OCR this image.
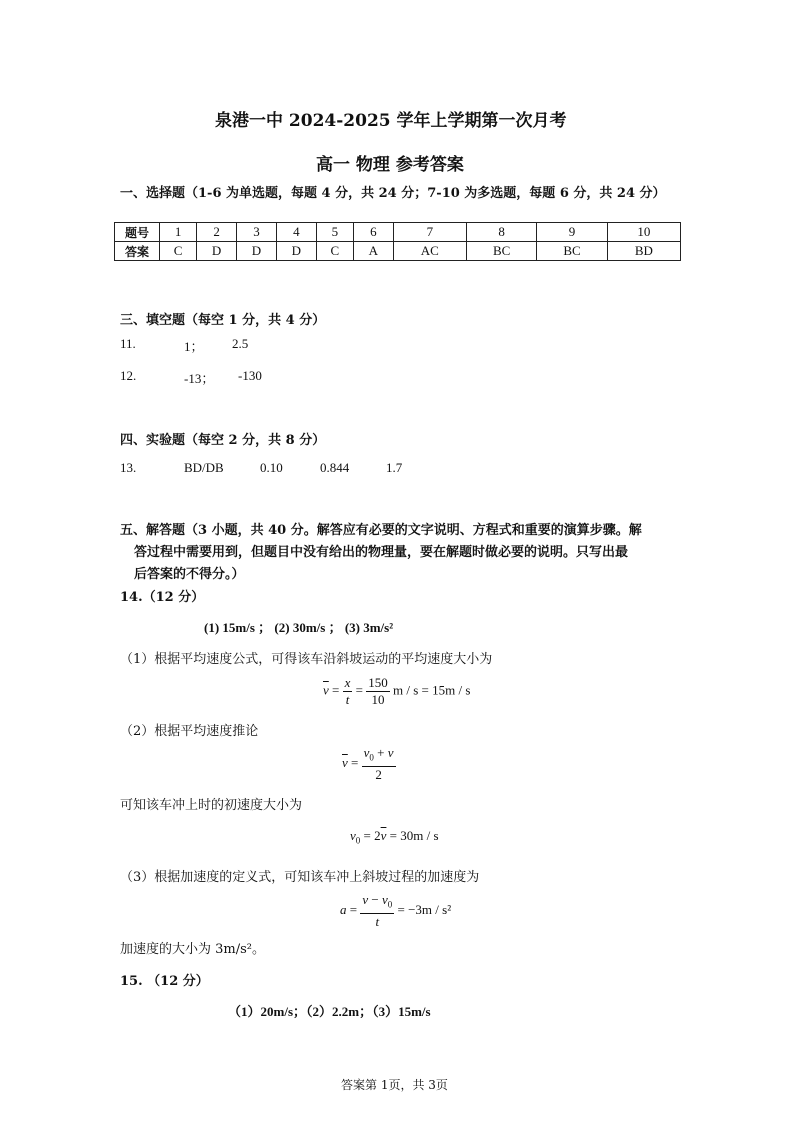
泉港一中 2024-2025 学年上学期第一次月考
高一 物理 参考答案
一、选择题（1-6 为单选题，每题 4 分，共 24 分；7-10 为多选题，每题 6 分，共 24 分）
题号	1	2	3	4	5	6	7	8	9	10
答案	C	D	D	D	C	A	AC	BC	BC	BD
三、填空题（每空 1 分，共 4 分）
11.	1； 2.5
12.	-13； -130
四、实验题（每空 2 分，共 8 分）
13.	BD/DB	0.10	0.844	1.7
五、解答题（3 小题，共 40 分。解答应有必要的文字说明、方程式和重要的演算步骤。解
答过程中需要用到，但题目中没有给出的物理量，要在解题时做必要的说明。只写出最
后答案的不得分。）
14.（12 分）
(1) 15m/s ； (2) 30m/s ； (3) 3m/s²
（1）根据平均速度公式，可得该车沿斜坡运动的平均速度大小为
$\overline{v} = \frac{x}{t} = \frac{150}{10}$ m / s = 15m / s
（2）根据平均速度推论
$\overline{v} = \frac{v_0 + v}{2}$
可知该车冲上时的初速度大小为
$v_0 = 2\overline{v} = 30m / s$
（3）根据加速度的定义式，可知该车冲上斜坡过程的加速度为
$a = \frac{v - v_0}{t} = -3m / s^2$
加速度的大小为 3m/s²。
15. （12 分）
（1）20m/s；（2）2.2m；（3）15m/s
答案第 1页，共 3页
